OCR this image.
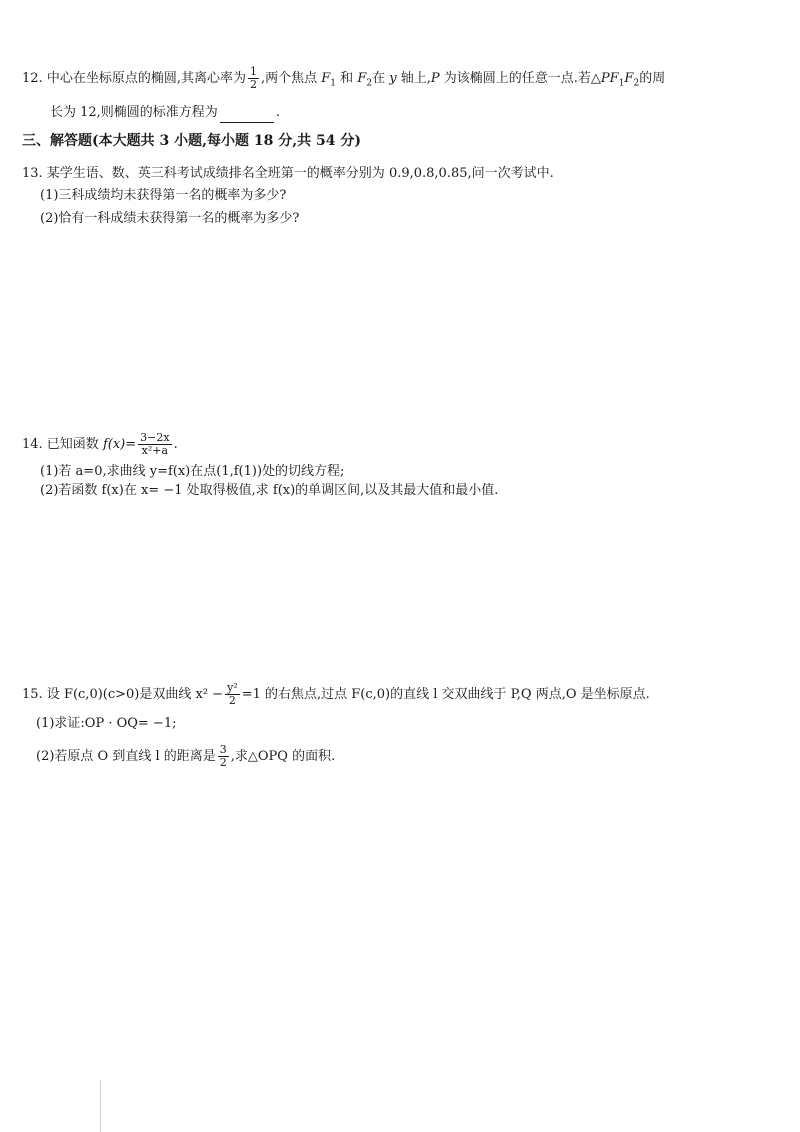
12. 中心在坐标原点的椭圆,其离心率为 $\frac{1}{2}$ ,两个焦点 $F_1$ 和 $F_2$在 y 轴上,P 为该椭圆上的任意一点.若$\triangle PF_1F_2$的周
长为 12,则椭圆的标准方程为	.
三、解答题(本大题共 3 小题,每小题 18 分,共 54 分)
13. 某学生语、数、英三科考试成绩排名全班第一的概率分别为 0.9,0.8,0.85,问一次考试中.
(1)三科成绩均未获得第一名的概率为多少?
(2)恰有一科成绩未获得第一名的概率为多少?
14. 已知函数 $f(x)= \frac{3-2x}{\text{x²+a}}$ .
(1)若 a=0,求曲线 y=f(x)在点(1,f(1))处的切线方程;
(2)若函数 f(x)在 x= −1 处取得极值,求 f(x)的单调区间,以及其最大值和最小值.
15. 设 F(c,0)(c>0)是双曲线 $x^2 - \frac{\text{y²}}{2} =1$ 的右焦点,过点 F(c,0)的直线 l 交双曲线于 P,Q 两点,O 是坐标原点.
(1)求证:OP · OQ= −1;
(2)若原点 O 到直线 l 的距离是 $\frac{3}{2}$ ,求△OPQ 的面积.
